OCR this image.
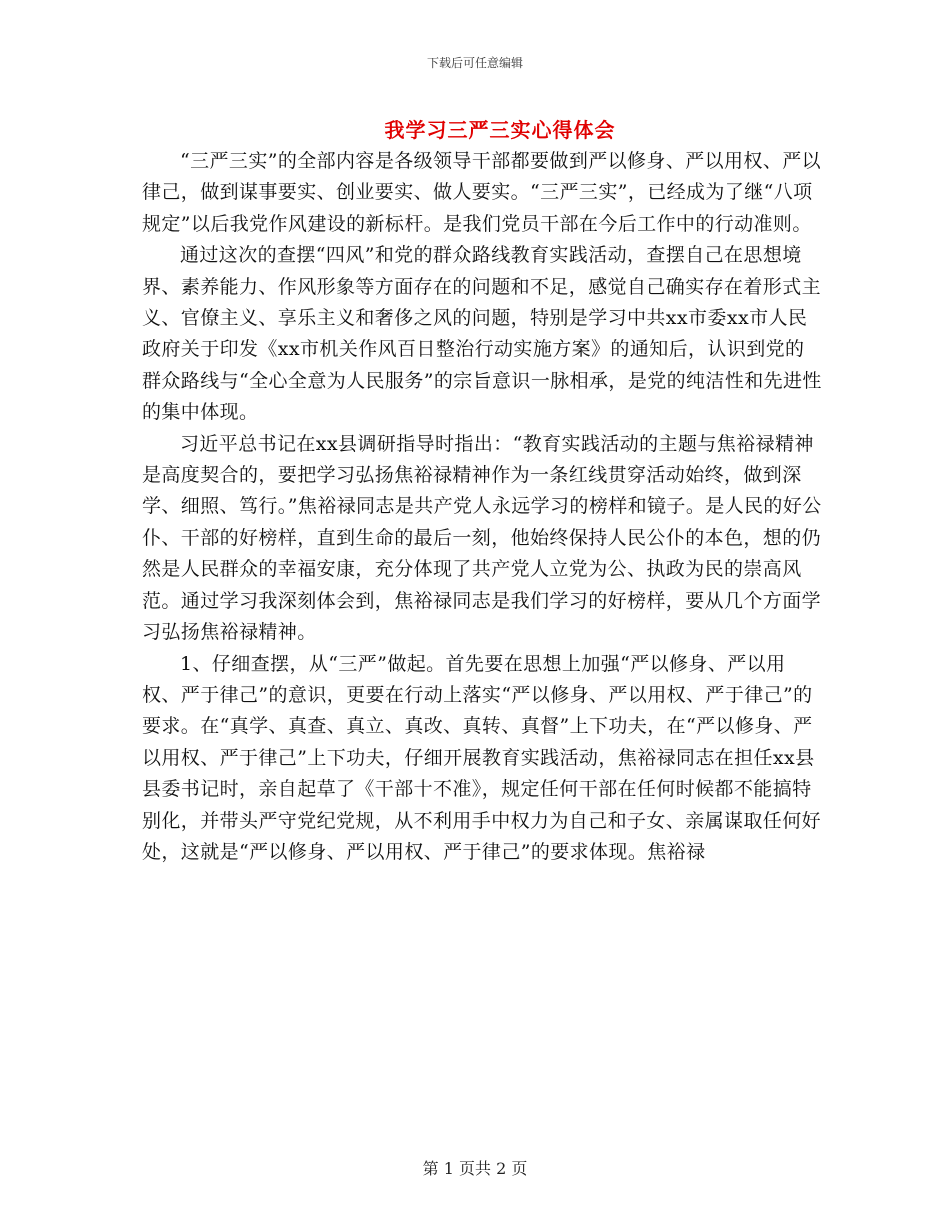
下载后可任意编辑
我学习三严三实心得体会

“三严三实”的全部内容是各级领导干部都要做到严以修身、严以用权、严以律己，做到谋事要实、创业要实、做人要实。“三严三实”，已经成为了继“八项规定”以后我党作风建设的新标杆。是我们党员干部在今后工作中的行动准则。

通过这次的查摆“四风”和党的群众路线教育实践活动，查摆自己在思想境界、素养能力、作风形象等方面存在的问题和不足，感觉自己确实存在着形式主义、官僚主义、享乐主义和奢侈之风的问题，特别是学习中共xx市委xx市人民政府关于印发《xx市机关作风百日整治行动实施方案》的通知后，认识到党的群众路线与“全心全意为人民服务”的宗旨意识一脉相承，是党的纯洁性和先进性的集中体现。

习近平总书记在xx县调研指导时指出：“教育实践活动的主题与焦裕禄精神是高度契合的，要把学习弘扬焦裕禄精神作为一条红线贯穿活动始终，做到深学、细照、笃行。”焦裕禄同志是共产党人永远学习的榜样和镜子。是人民的好公仆、干部的好榜样，直到生命的最后一刻，他始终保持人民公仆的本色，想的仍然是人民群众的幸福安康，充分体现了共产党人立党为公、执政为民的崇高风范。通过学习我深刻体会到，焦裕禄同志是我们学习的好榜样，要从几个方面学习弘扬焦裕禄精神。

1、仔细查摆，从“三严”做起。首先要在思想上加强“严以修身、严以用权、严于律己”的意识，更要在行动上落实“严以修身、严以用权、严于律己”的要求。在“真学、真查、真立、真改、真转、真督”上下功夫，在“严以修身、严以用权、严于律己”上下功夫，仔细开展教育实践活动，焦裕禄同志在担任xx县县委书记时，亲自起草了《干部十不准》，规定任何干部在任何时候都不能搞特别化，并带头严守党纪党规，从不利用手中权力为自己和子女、亲属谋取任何好处，这就是“严以修身、严以用权、严于律己”的要求体现。焦裕禄

第 1 页共 2 页
